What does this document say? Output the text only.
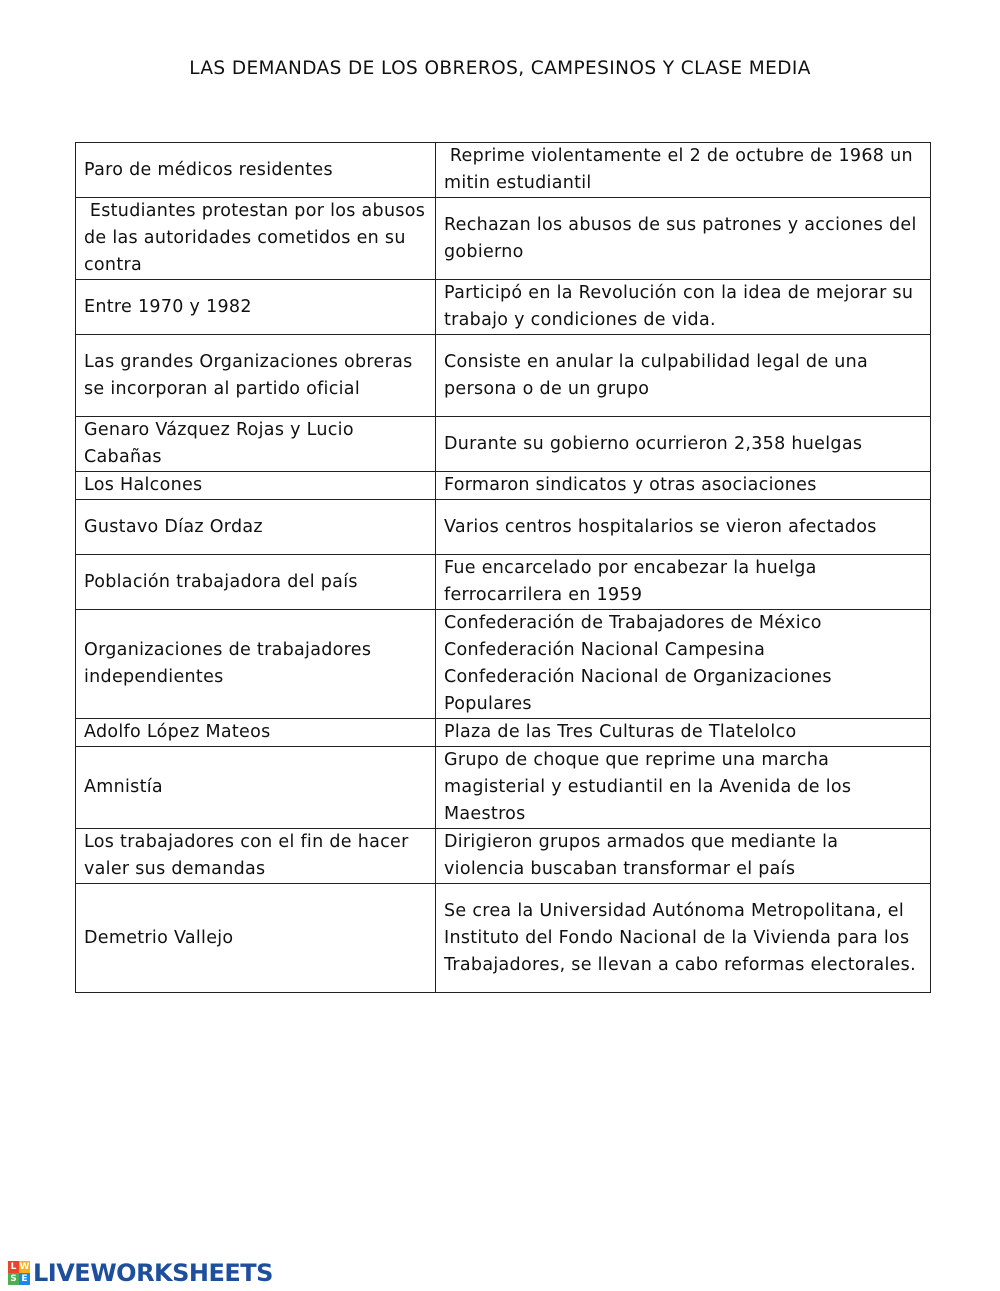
LAS DEMANDAS DE LOS OBREROS, CAMPESINOS Y CLASE MEDIA
Paro de médicos residentes	Reprime violentamente el 2 de octubre de 1968 un mitin estudiantil
Estudiantes protestan por los abusos de las autoridades cometidos en su contra	Rechazan los abusos de sus patrones y acciones del gobierno
Entre 1970 y 1982	Participó en la Revolución con la idea de mejorar su trabajo y condiciones de vida.
Las grandes Organizaciones obreras se incorporan al partido oficial	Consiste en anular la culpabilidad legal de una persona o de un grupo
Genaro Vázquez Rojas y Lucio Cabañas	Durante su gobierno ocurrieron 2,358 huelgas
Los Halcones	Formaron sindicatos y otras asociaciones
Gustavo Díaz Ordaz	Varios centros hospitalarios se vieron afectados
Población trabajadora del país	Fue encarcelado por encabezar la huelga ferrocarrilera en 1959
Organizaciones de trabajadores independientes	Confederación de Trabajadores de México
Confederación Nacional Campesina
Confederación Nacional de Organizaciones Populares

Adolfo López Mateos	Plaza de las Tres Culturas de Tlatelolco
Amnistía	Grupo de choque que reprime una marcha magisterial y estudiantil en la Avenida de los Maestros
Los trabajadores con el fin de hacer valer sus demandas	Dirigieron grupos armados que mediante la violencia buscaban transformar el país
Demetrio Vallejo	Se crea la Universidad Autónoma Metropolitana, el Instituto del Fondo Nacional de la Vivienda para los Trabajadores, se llevan a cabo reformas electorales.
L W
S E LIVEWORKSHEETS
